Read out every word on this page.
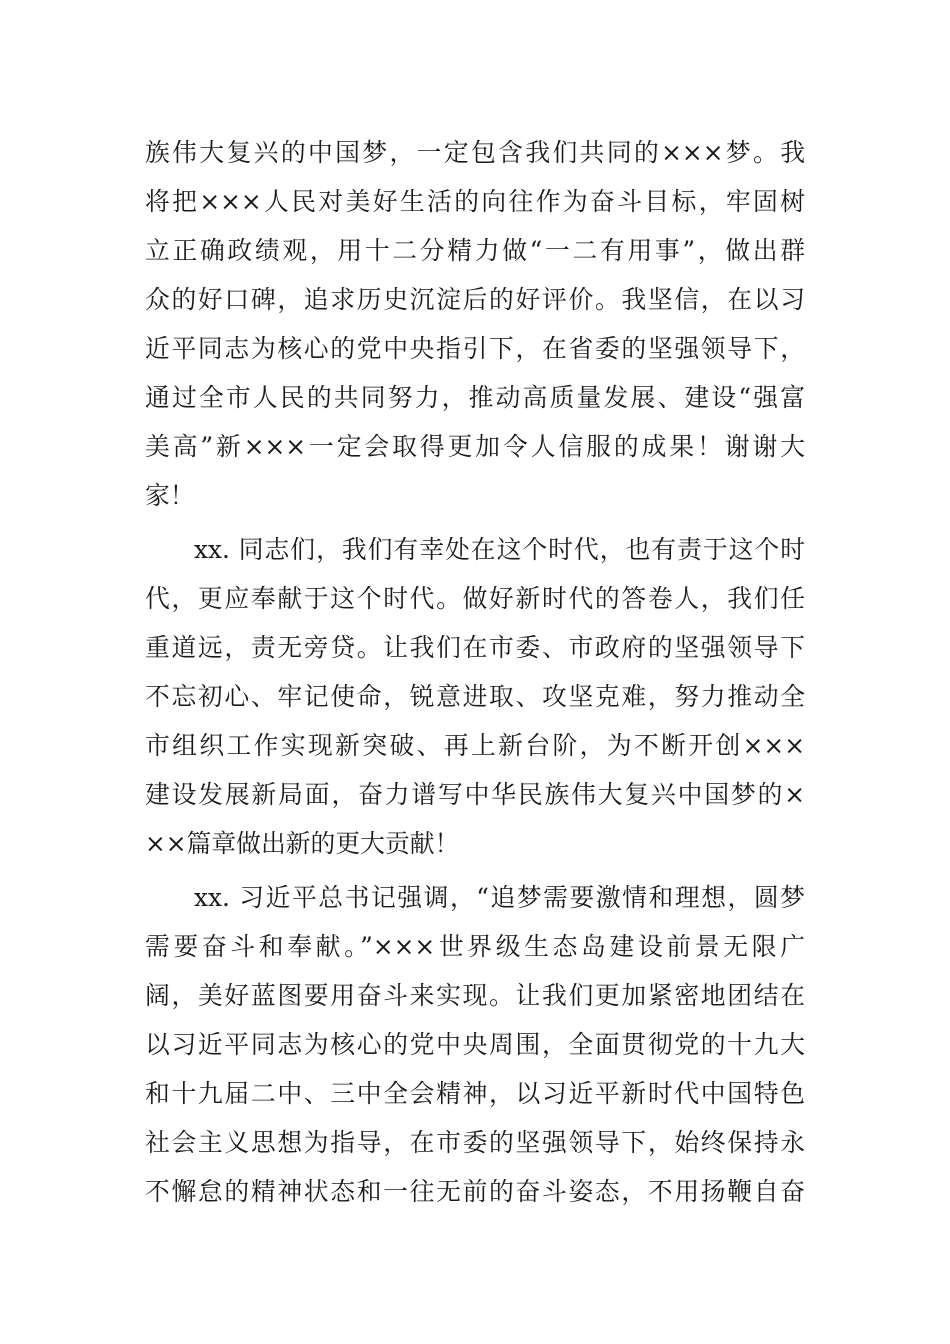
族伟大复兴的中国梦，一定包含我们共同的×××梦。我
将把×××人民对美好生活的向往作为奋斗目标，牢固树
立正确政绩观，用十二分精力做“一二有用事”，做出群
众的好口碑，追求历史沉淀后的好评价。我坚信，在以习
近平同志为核心的党中央指引下，在省委的坚强领导下，
通过全市人民的共同努力，推动高质量发展、建设“强富
美高”新×××一定会取得更加令人信服的成果！谢谢大
家！
xx. 同志们，我们有幸处在这个时代，也有责于这个时
代，更应奉献于这个时代。做好新时代的答卷人，我们任
重道远，责无旁贷。让我们在市委、市政府的坚强领导下
不忘初心、牢记使命，锐意进取、攻坚克难，努力推动全
市组织工作实现新突破、再上新台阶，为不断开创×××
建设发展新局面，奋力谱写中华民族伟大复兴中国梦的×
××篇章做出新的更大贡献！
xx. 习近平总书记强调，“追梦需要激情和理想，圆梦
需要奋斗和奉献。”×××世界级生态岛建设前景无限广
阔，美好蓝图要用奋斗来实现。让我们更加紧密地团结在
以习近平同志为核心的党中央周围，全面贯彻党的十九大
和十九届二中、三中全会精神，以习近平新时代中国特色
社会主义思想为指导，在市委的坚强领导下，始终保持永
不懈怠的精神状态和一往无前的奋斗姿态，不用扬鞭自奋
